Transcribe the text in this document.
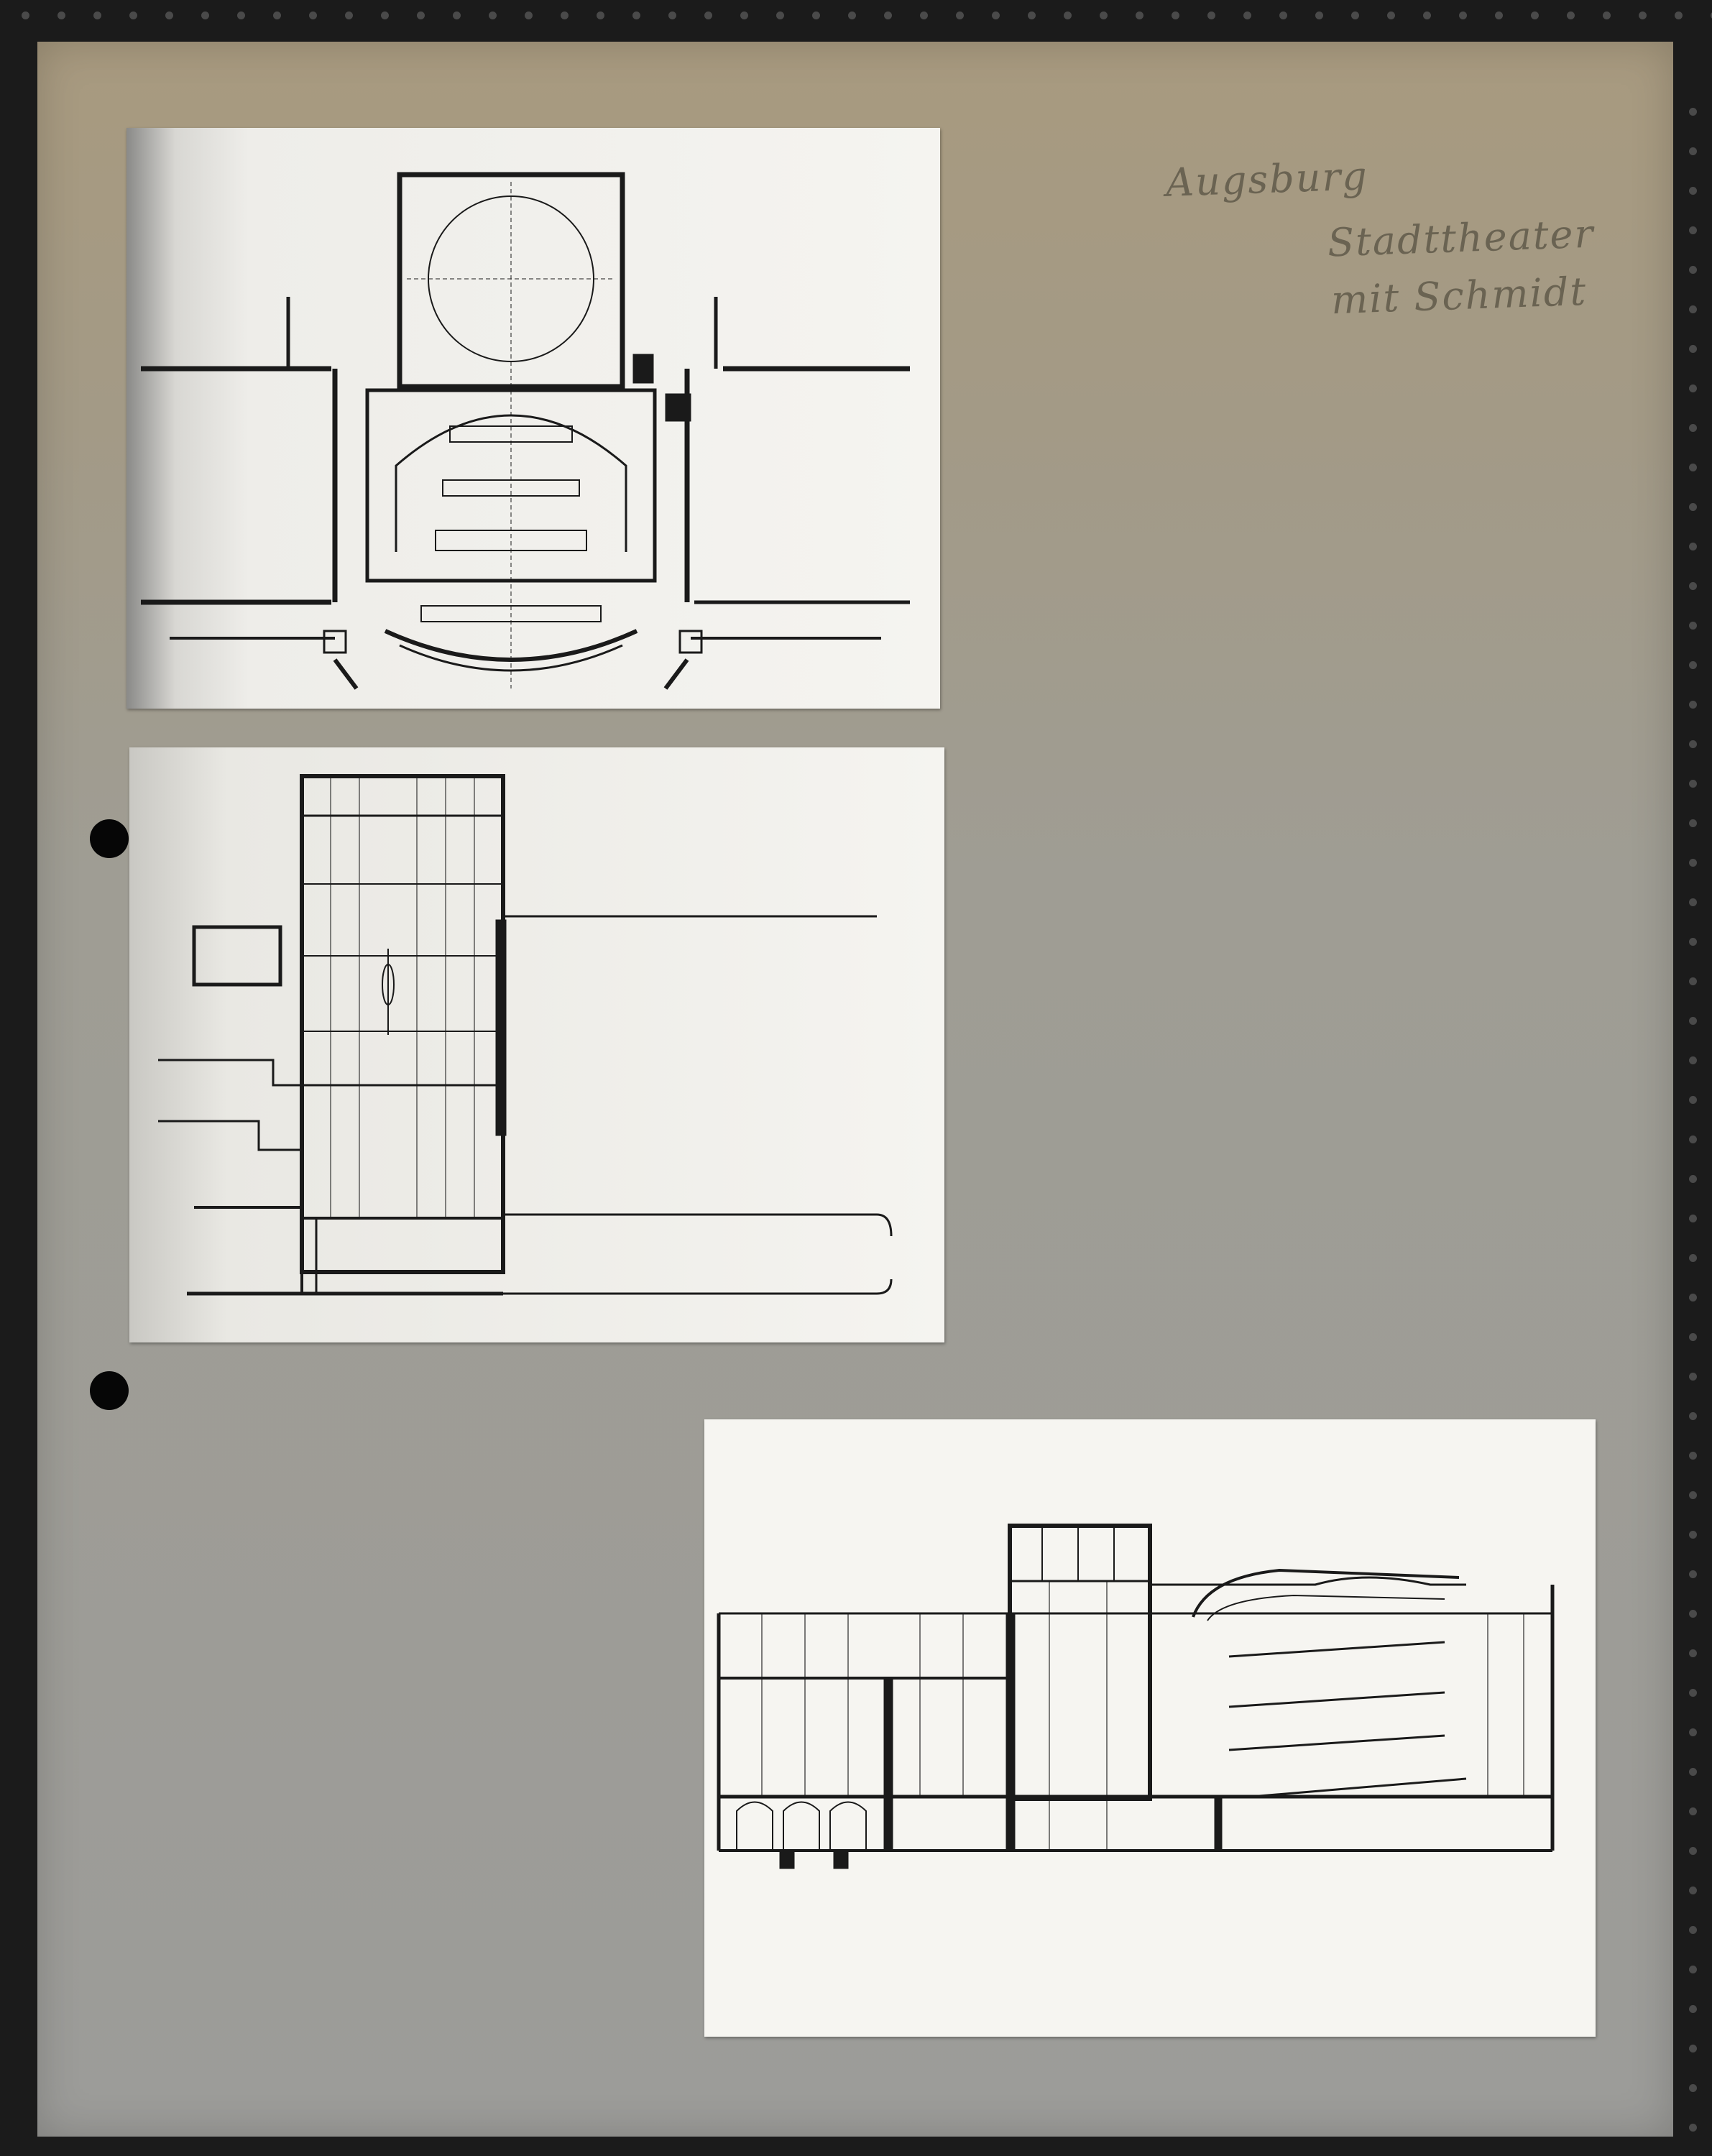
Augsburg
Stadttheater
mit Schmidt
